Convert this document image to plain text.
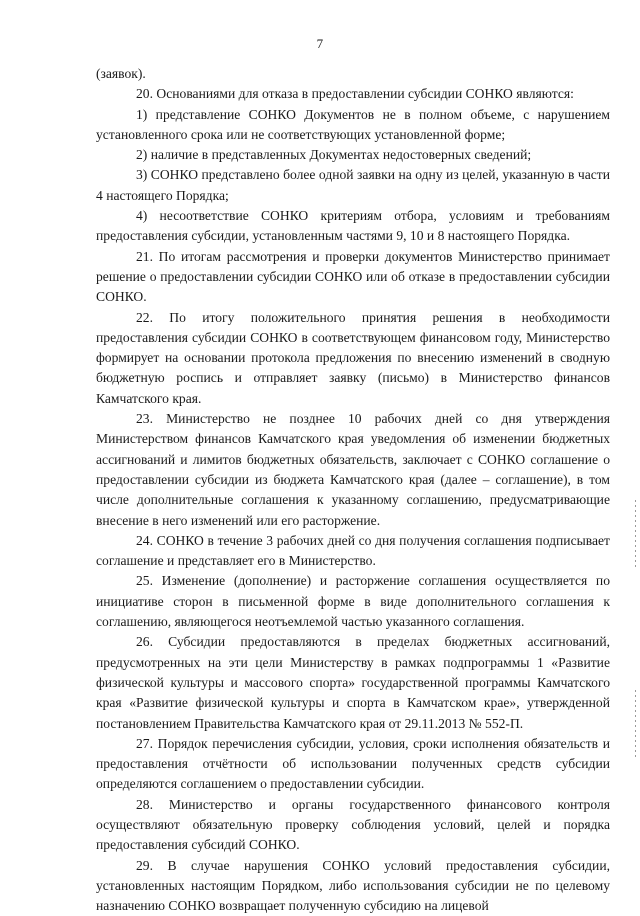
7

(заявок).

20. Основаниями для отказа в предоставлении субсидии СОНКО являются:

1) представление СОНКО Документов не в полном объеме, с нарушением установленного срока или не соответствующих установленной форме;

2) наличие в представленных Документах недостоверных сведений;

3) СОНКО представлено более одной заявки на одну из целей, указанную в части 4 настоящего Порядка;

4) несоответствие СОНКО критериям отбора, условиям и требованиям предоставления субсидии, установленным частями 9, 10 и 8 настоящего Порядка.

21. По итогам рассмотрения и проверки документов Министерство принимает решение о предоставлении субсидии СОНКО или об отказе в предоставлении субсидии СОНКО.

22. По итогу положительного принятия решения в необходимости предоставления субсидии СОНКО в соответствующем финансовом году, Министерство формирует на основании протокола предложения по внесению изменений в сводную бюджетную роспись и отправляет заявку (письмо) в Министерство финансов Камчатского края.

23. Министерство не позднее 10 рабочих дней со дня утверждения Министерством финансов Камчатского края уведомления об изменении бюджетных ассигнований и лимитов бюджетных обязательств, заключает с СОНКО соглашение о предоставлении субсидии из бюджета Камчатского края (далее – соглашение), в том числе дополнительные соглашения к указанному соглашению, предусматривающие внесение в него изменений или его расторжение.

24. СОНКО в течение 3 рабочих дней со дня получения соглашения подписывает соглашение и представляет его в Министерство.

25. Изменение (дополнение) и расторжение соглашения осуществляется по инициативе сторон в письменной форме в виде дополнительного соглашения к соглашению, являющегося неотъемлемой частью указанного соглашения.

26. Субсидии предоставляются в пределах бюджетных ассигнований, предусмотренных на эти цели Министерству в рамках подпрограммы 1 «Развитие физической культуры и массового спорта» государственной программы Камчатского края «Развитие физической культуры и спорта в Камчатском крае», утвержденной постановлением Правительства Камчатского края от 29.11.2013 № 552-П.

27. Порядок перечисления субсидии, условия, сроки исполнения обязательств и предоставления отчётности об использовании полученных средств субсидии определяются соглашением о предоставлении субсидии.

28. Министерство и органы государственного финансового контроля осуществляют обязательную проверку соблюдения условий, целей и порядка предоставления субсидий СОНКО.

29. В случае нарушения СОНКО условий предоставления субсидии, установленных настоящим Порядком, либо использования субсидии не по целевому назначению СОНКО возвращает полученную субсидию на лицевой
